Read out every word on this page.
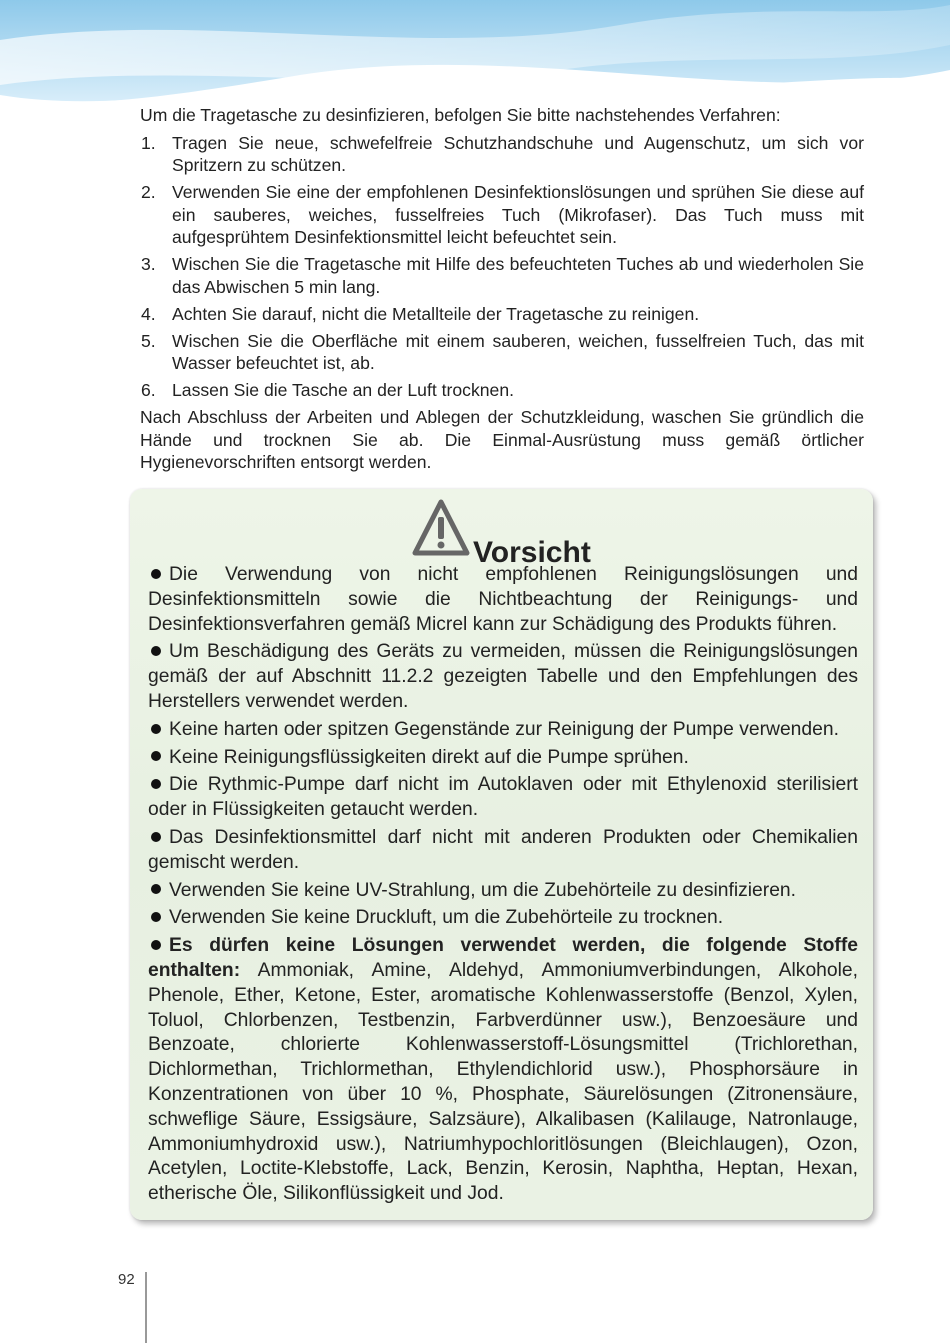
Um die Tragetasche zu desinfizieren, befolgen Sie bitte nachstehendes Verfahren:

1. Tragen Sie neue, schwefelfreie Schutzhandschuhe und Augenschutz, um sich vor Spritzern zu schützen.
2. Verwenden Sie eine der empfohlenen Desinfektionslösungen und sprühen Sie diese auf ein sauberes, weiches, fusselfreies Tuch (Mikrofaser). Das Tuch muss mit aufgesprühtem Desinfektionsmittel leicht befeuchtet sein.
3. Wischen Sie die Tragetasche mit Hilfe des befeuchteten Tuches ab und wiederholen Sie das Abwischen 5 min lang.
4. Achten Sie darauf, nicht die Metallteile der Tragetasche zu reinigen.
5. Wischen Sie die Oberfläche mit einem sauberen, weichen, fusselfreien Tuch, das mit Wasser befeuchtet ist, ab.
6. Lassen Sie die Tasche an der Luft trocknen.

Nach Abschluss der Arbeiten und Ablegen der Schutzkleidung, waschen Sie gründlich die Hände und trocknen Sie ab. Die Einmal-Ausrüstung muss gemäß örtlicher Hygienevorschriften entsorgt werden.

Vorsicht

Die Verwendung von nicht empfohlenen Reinigungslösungen und Desinfektionsmitteln sowie die Nichtbeachtung der Reinigungs- und Desinfektionsverfahren gemäß Micrel kann zur Schädigung des Produkts führen.

Um Beschädigung des Geräts zu vermeiden, müssen die Reinigungslösungen gemäß der auf Abschnitt 11.2.2 gezeigten Tabelle und den Empfehlungen des Herstellers verwendet werden.

Keine harten oder spitzen Gegenstände zur Reinigung der Pumpe verwenden.

Keine Reinigungsflüssigkeiten direkt auf die Pumpe sprühen.

Die Rythmic-Pumpe darf nicht im Autoklaven oder mit Ethylenoxid sterilisiert oder in Flüssigkeiten getaucht werden.

Das Desinfektionsmittel darf nicht mit anderen Produkten oder Chemikalien gemischt werden.

Verwenden Sie keine UV-Strahlung, um die Zubehörteile zu desinfizieren.

Verwenden Sie keine Druckluft, um die Zubehörteile zu trocknen.

Es dürfen keine Lösungen verwendet werden, die folgende Stoffe enthalten: Ammoniak, Amine, Aldehyd, Ammoniumverbindungen, Alkohole, Phenole, Ether, Ketone, Ester, aromatische Kohlenwasserstoffe (Benzol, Xylen, Toluol, Chlorbenzen, Testbenzin, Farbverdünner usw.), Benzoesäure und Benzoate, chlorierte Kohlenwasserstoff-Lösungsmittel (Trichlorethan, Dichlormethan, Trichlormethan, Ethylendichlorid usw.), Phosphorsäure in Konzentrationen von über 10 %, Phosphate, Säurelösungen (Zitronensäure, schweflige Säure, Essigsäure, Salzsäure), Alkalibasen (Kalilauge, Natronlauge, Ammoniumhydroxid usw.), Natriumhypochloritlösungen (Bleichlaugen), Ozon, Acetylen, Loctite-Klebstoffe, Lack, Benzin, Kerosin, Naphtha, Heptan, Hexan, etherische Öle, Silikonflüssigkeit und Jod.

92
